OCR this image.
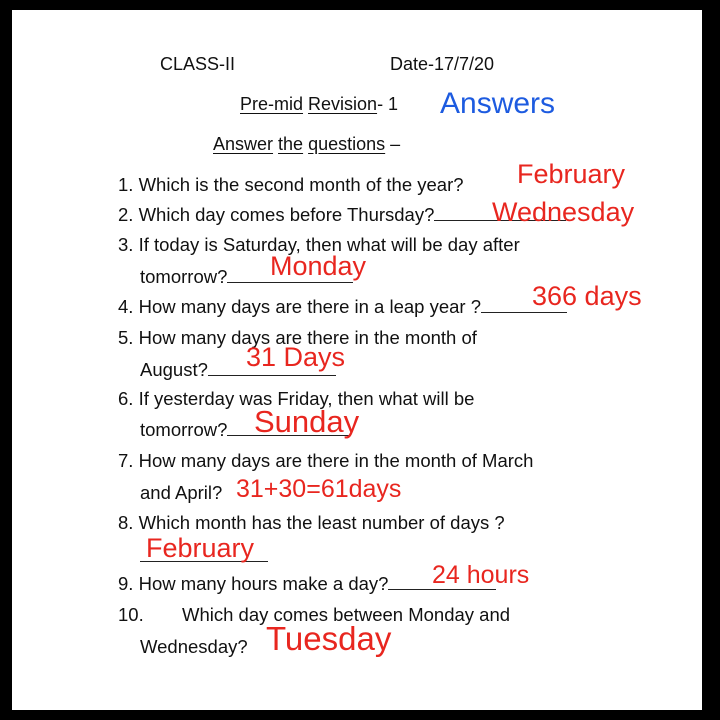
CLASS-II	Date-17/7/20
Pre-mid Revision- 1 Answers
Answer the questions –
1. Which is the second month of the year? February
2. Which day comes before Thursday?	Wednesday
3. If today is Saturday, then what will be day after
tomorrow?	Monday
4. How many days are there in a leap year ?	366 days
5. How many days are there in the month of
August?	31 Days
6. If yesterday was Friday, then what will be
tomorrow? Sunday
7. How many days are there in the month of March
and April? 31+30=61days
8. Which month has the least number of days ?
February
9. How many hours make a day?	24 hours
10. Which day comes between Monday and
Wednesday? Tuesday
